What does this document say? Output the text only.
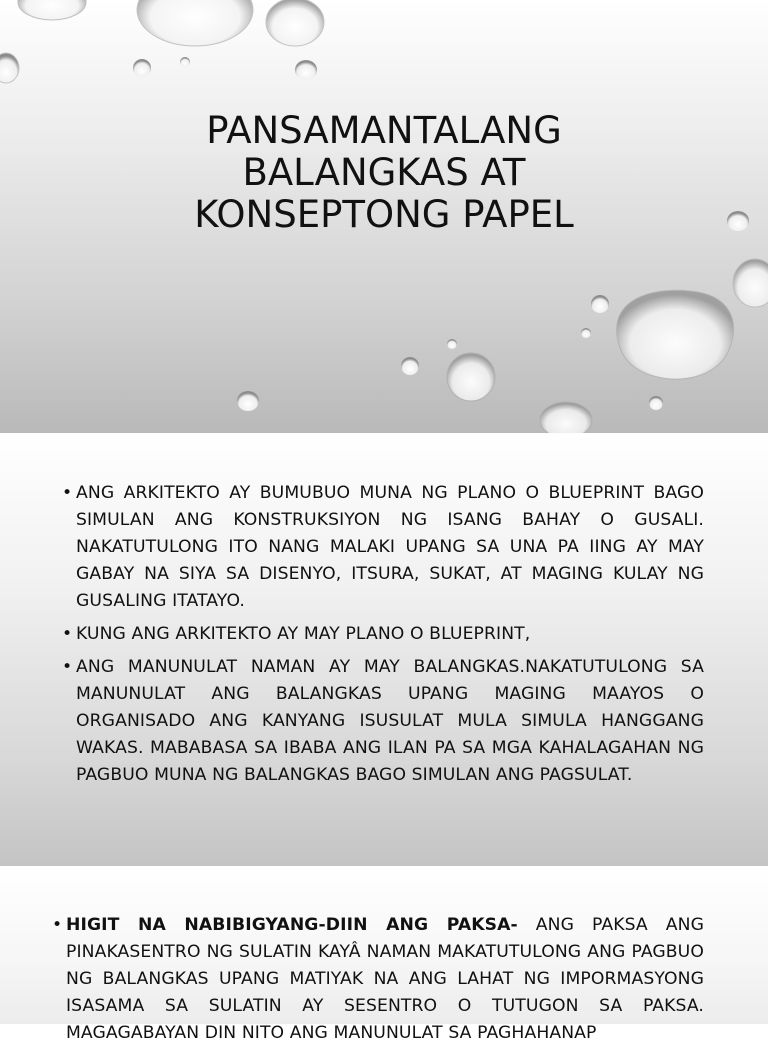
PANSAMANTALANG
BALANGKAS AT
KONSEPTONG PAPEL
• ANG ARKITEKTO AY BUMUBUO MUNA NG PLANO O BLUEPRINT BAGO SIMULAN ANG KONSTRUKSIYON NG ISANG BAHAY O GUSALI. NAKATUTULONG ITO NANG MALAKI UPANG SA UNA PA IING AY MAY GABAY NA SIYA SA DISENYO, ITSURA, SUKAT, AT MAGING KULAY NG GUSALING ITATAYO.
• KUNG ANG ARKITEKTO AY MAY PLANO O BLUEPRINT,
• ANG MANUNULAT NAMAN AY MAY BALANGKAS.NAKATUTULONG SA MANUNULAT ANG BALANGKAS UPANG MAGING MAAYOS O ORGANISADO ANG KANYANG ISUSULAT MULA SIMULA HANGGANG WAKAS. MABABASA SA IBABA ANG ILAN PA SA MGA KAHALAGAHAN NG PAGBUO MUNA NG BALANGKAS BAGO SIMULAN ANG PAGSULAT.
• HIGIT NA NABIBIGYANG-DIIN ANG PAKSA- ANG PAKSA ANG PINAKASENTRO NG SULATIN KAYÂ NAMAN MAKATUTULONG ANG PAGBUO NG BALANGKAS UPANG MATIYAK NA ANG LAHAT NG IMPORMASYONG ISASAMA SA SULATIN AY SESENTRO O TUTUGON SA PAKSA. MAGAGABAYAN DIN NITO ANG MANUNULAT SA PAGHAHANAP
